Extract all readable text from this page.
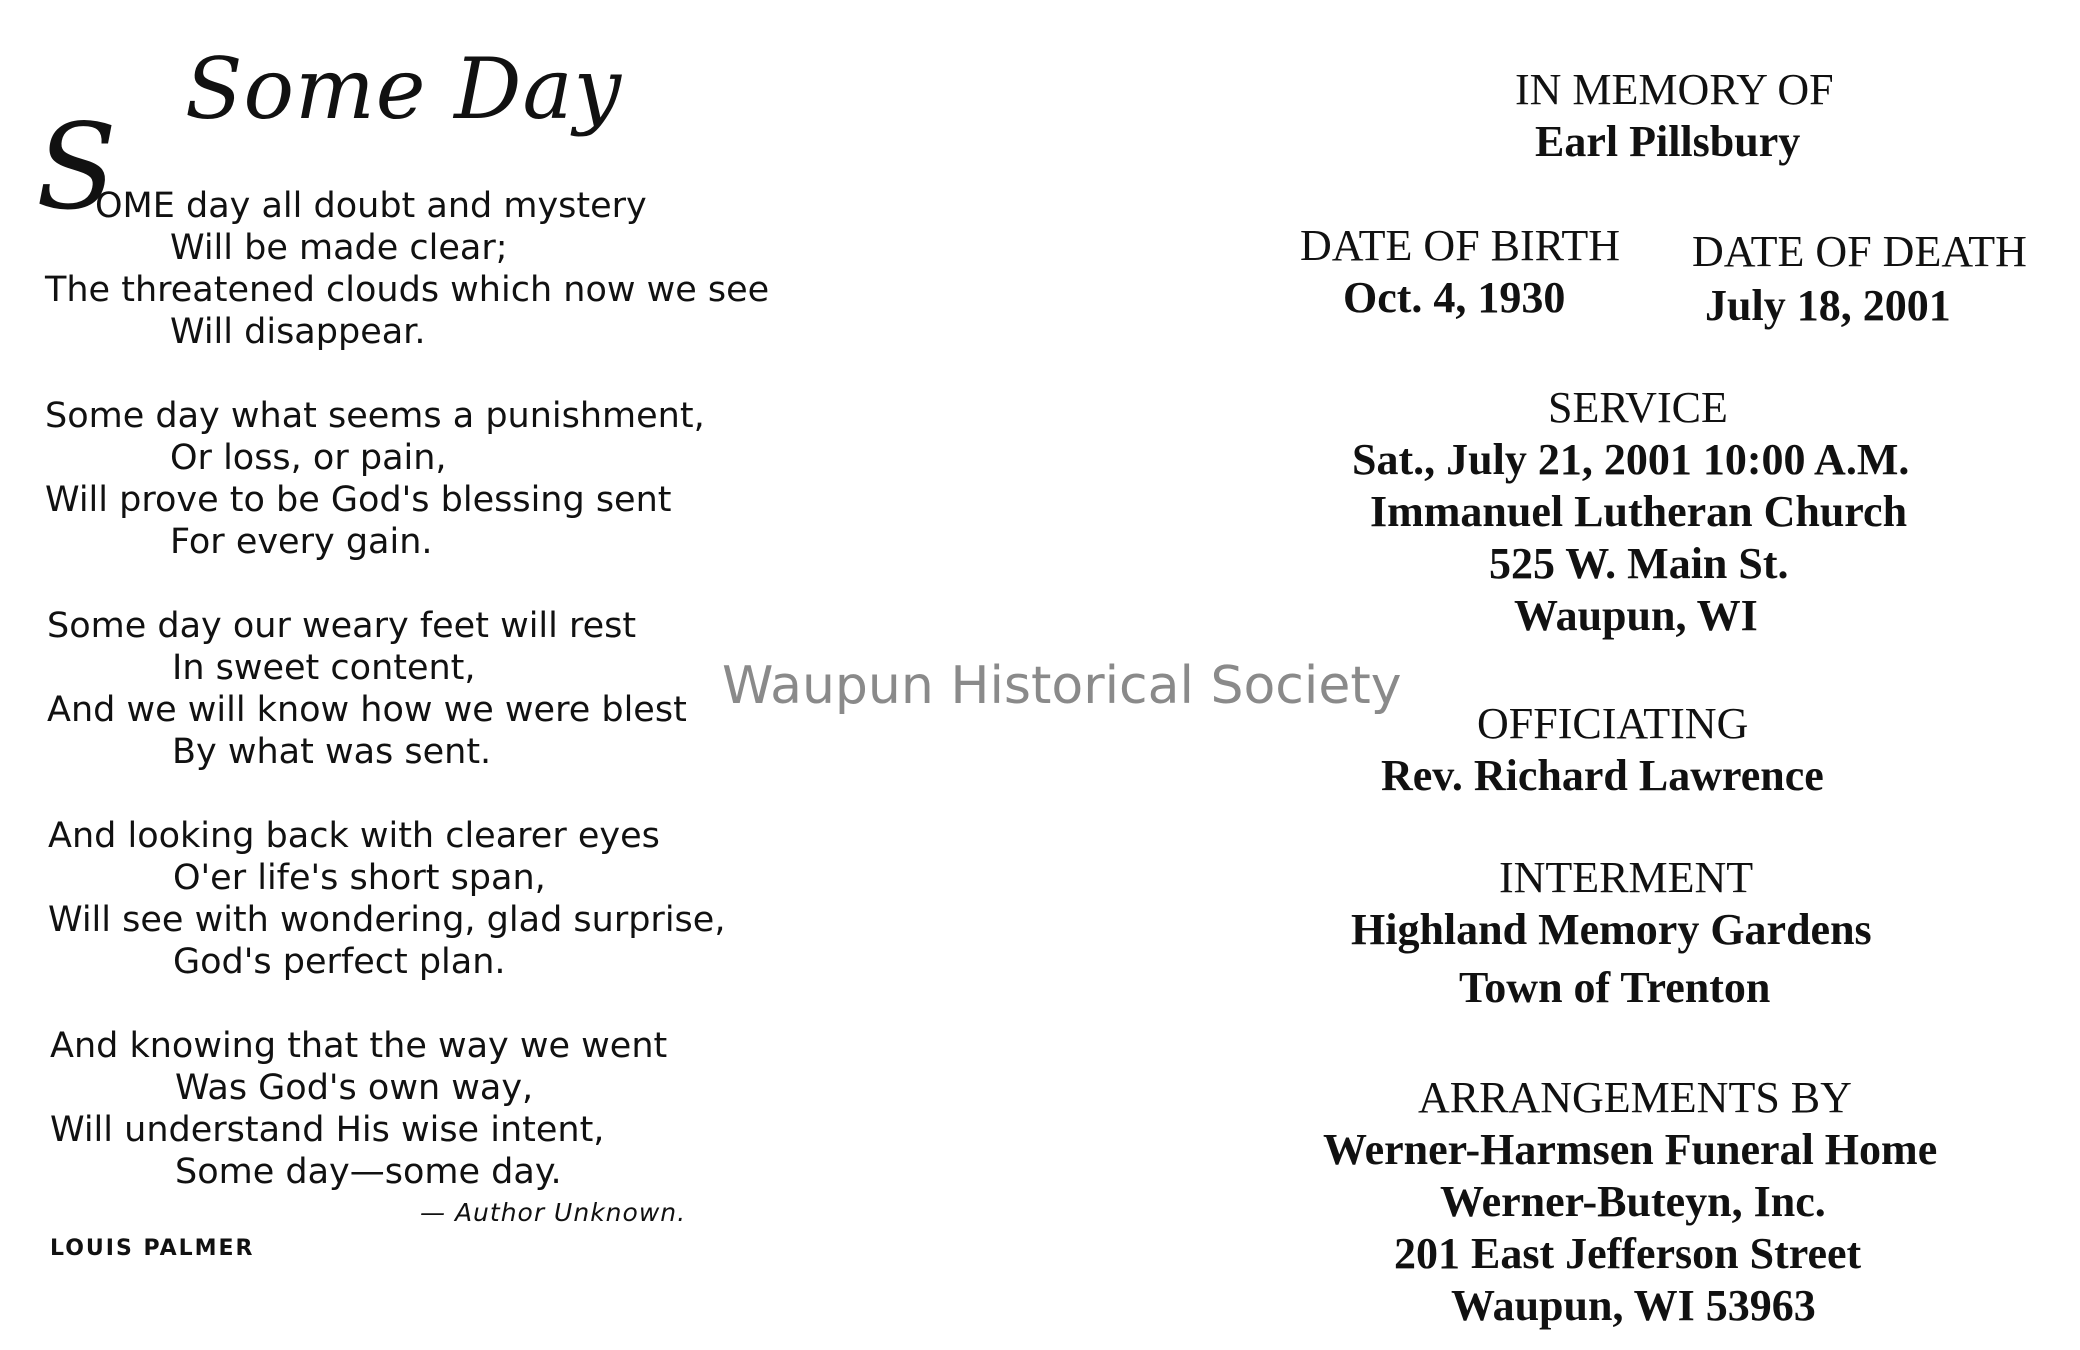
Some Day
S
OME day all doubt and mystery
Will be made clear;
The threatened clouds which now we see
Will disappear.
Some day what seems a punishment,
Or loss, or pain,
Will prove to be God's blessing sent
For every gain.
Some day our weary feet will rest
In sweet content,
And we will know how we were blest
By what was sent.
And looking back with clearer eyes
O'er life's short span,
Will see with wondering, glad surprise,
God's perfect plan.
And knowing that the way we went
Was God's own way,
Will understand His wise intent,
Some day—some day.
— Author Unknown.
LOUIS PALMER
Waupun Historical Society
IN MEMORY OF
Earl Pillsbury
DATE OF BIRTH
Oct. 4, 1930
DATE OF DEATH
July 18, 2001
SERVICE
Sat., July 21, 2001 10:00 A.M.
Immanuel Lutheran Church
525 W. Main St.
Waupun, WI
OFFICIATING
Rev. Richard Lawrence
INTERMENT
Highland Memory Gardens
Town of Trenton
ARRANGEMENTS BY
Werner-Harmsen Funeral Home
Werner-Buteyn, Inc.
201 East Jefferson Street
Waupun, WI 53963
